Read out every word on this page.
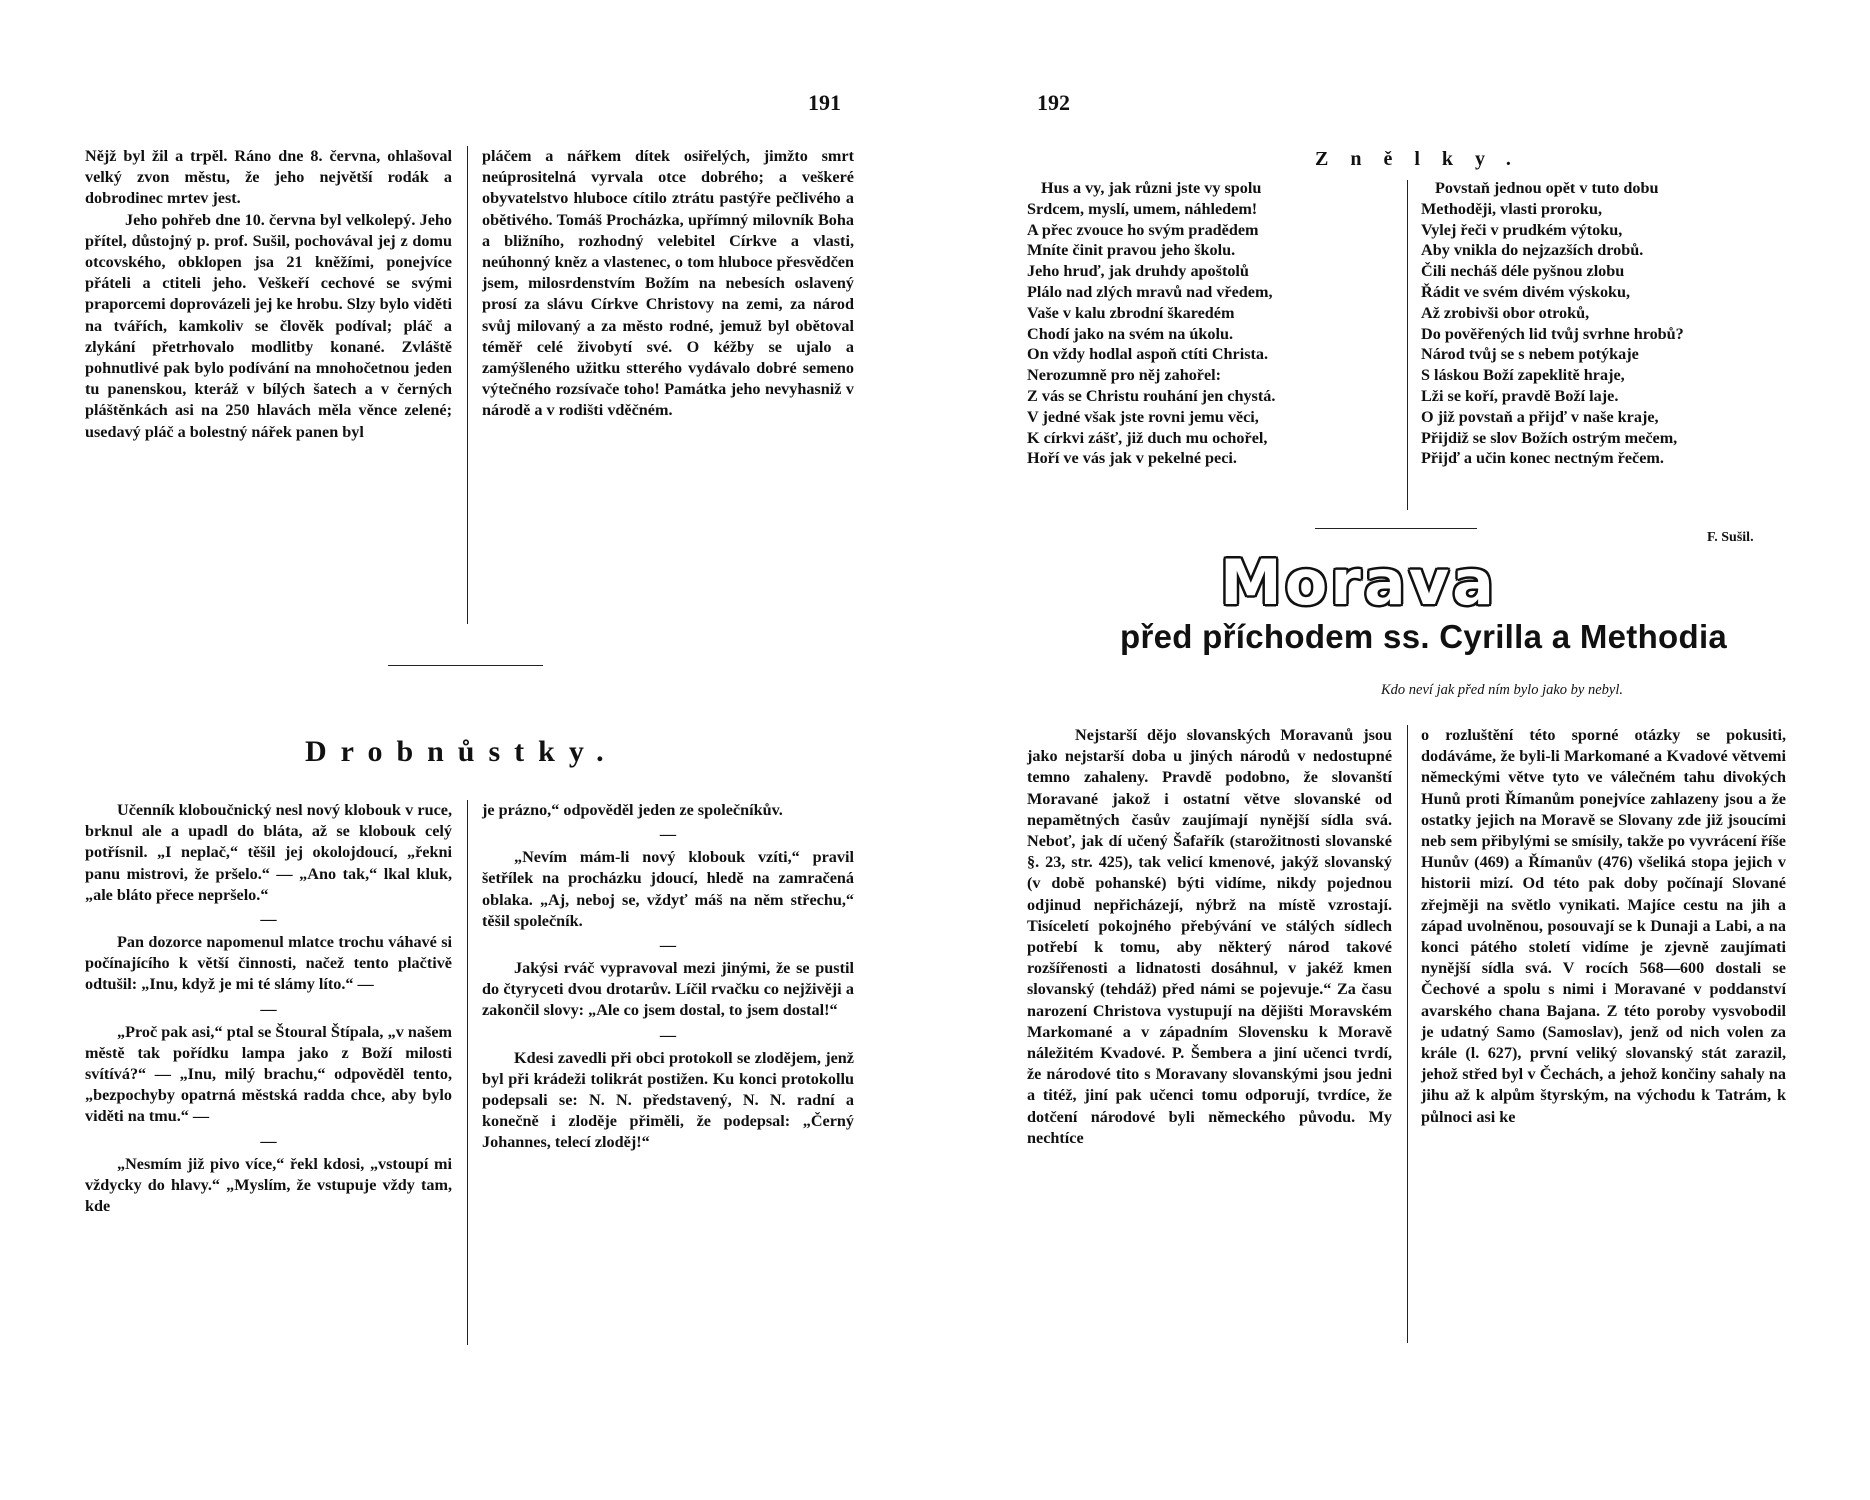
191

Nějž byl žil a trpěl. Ráno dne 8. června, ohlašoval velký zvon městu, že jeho největší rodák a dobrodinec mrtev jest.

Jeho pohřeb dne 10. června byl velkolepý. Jeho přítel, důstojný p. prof. Sušil, pochovával jej z domu otcovského, obklopen jsa 21 kněžími, ponejvíce přáteli a ctiteli jeho. Veškeří cechové se svými praporcemi doprovázeli jej ke hrobu. Slzy bylo viděti na tvářích, kamkoliv se člověk podíval; pláč a zlykání přetrhovalo modlitby konané. Zvláště pohnutlivé pak bylo podívání na mnohočetnou jeden tu panenskou, kteráž v bílých šatech a v černých pláštěnkách asi na 250 hlavách měla věnce zelené; usedavý pláč a bolestný nářek panen byl

pláčem a nářkem dítek osiřelých, jimžto smrt neúprositelná vyrvala otce dobrého; a veškeré obyvatelstvo hluboce cítilo ztrátu pastýře pečlivého a obětivého. Tomáš Procházka, upřímný milovník Boha a bližního, rozhodný velebitel Církve a vlasti, neúhonný kněz a vlastenec, o tom hluboce přesvědčen jsem, milosrdenstvím Božím na nebesích oslavený prosí za slávu Církve Christovy na zemi, za národ svůj milovaný a za město rodné, jemuž byl obětoval téměř celé živobytí své. O kéžby se ujalo a zamýšleného užitku stterého vydávalo dobré semeno výtečného rozsívače toho! Památka jeho nevyhasniž v národě a v rodišti vděčném.

Drobnůstky.

Učenník kloboučnický nesl nový klobouk v ruce, brknul ale a upadl do bláta, až se klobouk celý potřísnil. „I neplač,“ těšil jej okolojdoucí, „řekni panu mistrovi, že pršelo.“ — „Ano tak,“ lkal kluk, „ale bláto přece nepršelo.“

—

Pan dozorce napomenul mlatce trochu váhavé si počínajícího k větší činnosti, načež tento plačtivě odtušil: „Inu, když je mi té slámy líto.“ —

—

„Proč pak asi,“ ptal se Štoural Štípala, „v našem městě tak pořídku lampa jako z Boží milosti svítívá?“ — „Inu, milý brachu,“ odpověděl tento, „bezpochyby opatrná městská radda chce, aby bylo viděti na tmu.“ —

—

„Nesmím již pivo více,“ řekl kdosi, „vstoupí mi vždycky do hlavy.“ „Myslím, že vstupuje vždy tam, kde

je prázno,“ odpověděl jeden ze společníkův.

—

„Nevím mám-li nový klobouk vzíti,“ pravil šetřílek na procházku jdoucí, hledě na zamračená oblaka. „Aj, neboj se, vždyť máš na něm střechu,“ těšil společník.

—

Jakýsi rváč vypravoval mezi jinými, že se pustil do čtyryceti dvou drotarův. Líčil rvačku co nejživěji a zakončil slovy: „Ale co jsem dostal, to jsem dostal!“

—

Kdesi zavedli při obci protokoll se zlodějem, jenž byl při krádeži tolikrát postižen. Ku konci protokollu podepsali se: N. N. představený, N. N. radní a konečně i zloděje přiměli, že podepsal: „Černý Johannes, telecí zloděj!“

192
Znělky.
Hus a vy, jak různi jste vy spolu
Srdcem, myslí, umem, náhledem!
A přec zvouce ho svým pradědem
Mníte činit pravou jeho školu.
Jeho hruď, jak druhdy apoštolů
Plálo nad zlých mravů nad vředem,
Vaše v kalu zbrodní škaredém
Chodí jako na svém na úkolu.
On vždy hodlal aspoň ctíti Christa.
Nerozumně pro něj zahořel:
Z vás se Christu rouhání jen chystá.
V jedné však jste rovni jemu věci,
K církvi zášť, již duch mu ochořel,
Hoří ve vás jak v pekelné peci.
Povstaň jednou opět v tuto dobu
Methoději, vlasti proroku,
Vylej řeči v prudkém výtoku,
Aby vnikla do nejzazších drobů.
Čili necháš déle pyšnou zlobu
Řádit ve svém divém výskoku,
Až zrobivši obor otroků,
Do pověřených lid tvůj svrhne hrobů?
Národ tvůj se s nebem potýkaje
S láskou Boží zapeklitě hraje,
Lži se koří, pravdě Boží laje.
O již povstaň a přijď v naše kraje,
Přijdiž se slov Božích ostrým mečem,
Přijď a učin konec nectným řečem.
F. Sušil.
Morava
před příchodem ss. Cyrilla a Methodia
Kdo neví jak před ním bylo jako by nebyl.

Nejstarší dějo slovanských Moravanů jsou jako nejstarší doba u jiných národů v nedostupné temno zahaleny. Pravdě podobno, že slovanští Moravané jakož i ostatní větve slovanské od nepamětných časův zaujímají nynější sídla svá. Neboť, jak dí učený Šafařík (starožitnosti slovanské §. 23, str. 425), tak velicí kmenové, jakýž slovanský (v době pohanské) býti vidíme, nikdy pojednou odjinud nepřicházejí, nýbrž na místě vzrostají. Tisíceletí pokojného přebývání ve stálých sídlech potřebí k tomu, aby některý národ takové rozšířenosti a lidnatosti dosáhnul, v jakéž kmen slovanský (tehdáž) před námi se pojevuje.“ Za času narození Christova vystupují na dějišti Moravském Markomané a v západním Slovensku k Moravě náležitém Kvadové. P. Šembera a jiní učenci tvrdí, že národové tito s Moravany slovanskými jsou jedni a titéž, jiní pak učenci tomu odporují, tvrdíce, že dotčení národové byli německého původu. My nechtíce

o rozluštění této sporné otázky se pokusiti, dodáváme, že byli-li Markomané a Kvadové větvemi německými větve tyto ve válečném tahu divokých Hunů proti Římanům ponejvíce zahlazeny jsou a že ostatky jejich na Moravě se Slovany zde již jsoucími neb sem přibylými se smísily, takže po vyvrácení říše Hunův (469) a Římanův (476) všeliká stopa jejich v historii mizí. Od této pak doby počínají Slované zřejměji na světlo vynikati. Majíce cestu na jih a západ uvolněnou, posouvají se k Dunaji a Labi, a na konci pátého století vidíme je zjevně zaujímati nynější sídla svá. V rocích 568—600 dostali se Čechové a spolu s nimi i Moravané v poddanství avarského chana Bajana. Z této poroby vysvobodil je udatný Samo (Samoslav), jenž od nich volen za krále (l. 627), první veliký slovanský stát zarazil, jehož střed byl v Čechách, a jehož končiny sahaly na jihu až k alpům štyrským, na východu k Tatrám, k půlnoci asi ke
